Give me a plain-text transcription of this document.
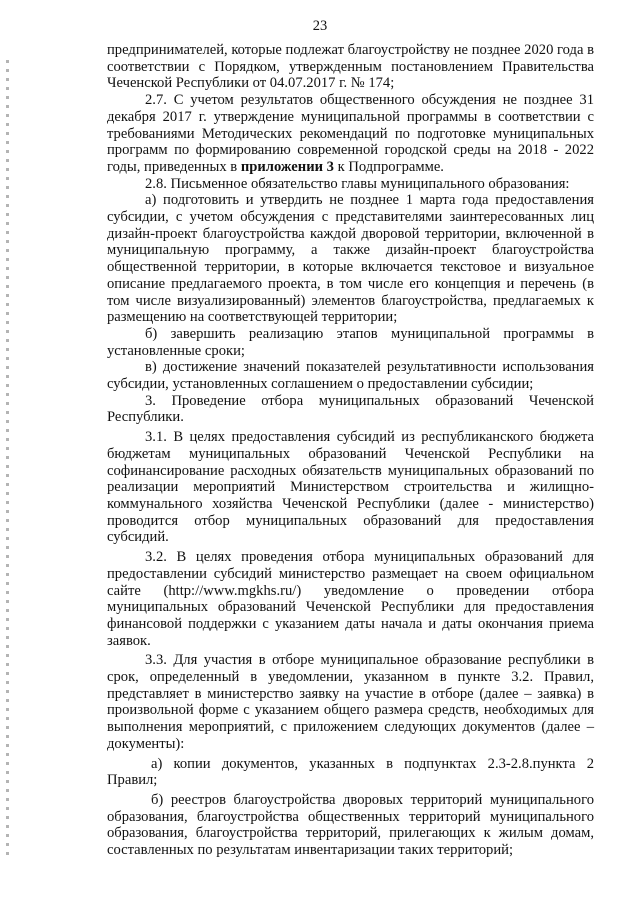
23

предпринимателей, которые подлежат благоустройству не позднее 2020 года в соответствии с Порядком, утвержденным постановлением Правительства Чеченской Республики от 04.07.2017 г. № 174;

2.7. С учетом результатов общественного обсуждения не позднее 31 декабря 2017 г. утверждение муниципальной программы в соответствии с требованиями Методических рекомендаций по подготовке муниципальных программ по формированию современной городской среды на 2018 - 2022 годы, приведенных в приложении 3 к Подпрограмме.

2.8. Письменное обязательство главы муниципального образования:

а) подготовить и утвердить не позднее 1 марта года предоставления субсидии, с учетом обсуждения с представителями заинтересованных лиц дизайн-проект благоустройства каждой дворовой территории, включенной в муниципальную программу, а также дизайн-проект благоустройства общественной территории, в которые включается текстовое и визуальное описание предлагаемого проекта, в том числе его концепция и перечень (в том числе визуализированный) элементов благоустройства, предлагаемых к размещению на соответствующей территории;

б) завершить реализацию этапов муниципальной программы в установленные сроки;

в) достижение значений показателей результативности использования субсидии, установленных соглашением о предоставлении субсидии;

3. Проведение отбора муниципальных образований Чеченской Республики.

3.1. В целях предоставления субсидий из республиканского бюджета бюджетам муниципальных образований Чеченской Республики на софинансирование расходных обязательств муниципальных образований по реализации мероприятий Министерством строительства и жилищно-коммунального хозяйства Чеченской Республики (далее - министерство) проводится отбор муниципальных образований для предоставления субсидий.

3.2. В целях проведения отбора муниципальных образований для предоставлении субсидий министерство размещает на своем официальном сайте (http://www.mgkhs.ru/) уведомление о проведении отбора муниципальных образований Чеченской Республики для предоставления финансовой поддержки с указанием даты начала и даты окончания приема заявок.

3.3. Для участия в отборе муниципальное образование республики в срок, определенный в уведомлении, указанном в пункте 3.2. Правил, представляет в министерство заявку на участие в отборе (далее – заявка) в произвольной форме с указанием общего размера средств, необходимых для выполнения мероприятий, с приложением следующих документов (далее – документы):

а) копии документов, указанных в подпунктах 2.3-2.8.пункта 2 Правил;

б) реестров благоустройства дворовых территорий муниципального образования, благоустройства общественных территорий муниципального образования, благоустройства территорий, прилегающих к жилым домам, составленных по результатам инвентаризации таких территорий;
